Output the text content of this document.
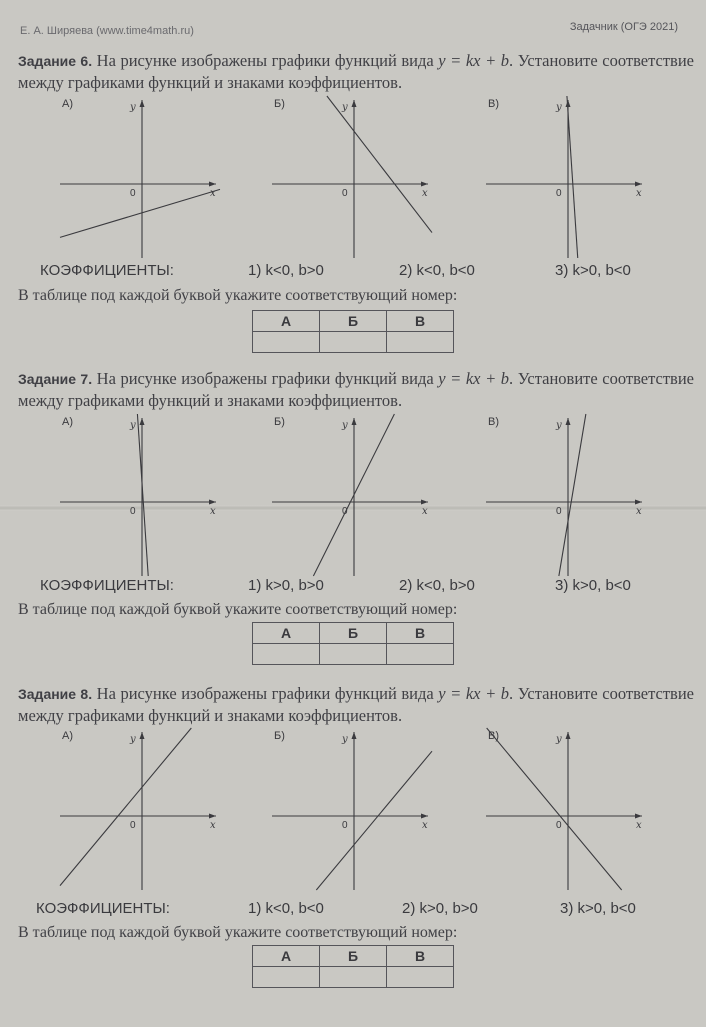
Е. А. Ширяева (www.time4math.ru)	Задачник (ОГЭ 2021)
Задание 6. На рисунке изображены графики функций вида y = kx + b. Установите соответствие между графиками функций и знаками коэффициентов.
y
x
0
А)	y
x
0
Б)	y
x
0
В)
КОЭФФИЦИЕНТЫ:	1) k<0, b>0	2) k<0, b<0	3) k>0, b<0
В таблице под каждой буквой укажите соответствующий номер:
А	Б	В

Задание 7. На рисунке изображены графики функций вида y = kx + b. Установите соответствие между графиками функций и знаками коэффициентов.
y
x
0
А)	y
x
0
Б)	y
x
0
В)
КОЭФФИЦИЕНТЫ:	1) k>0, b>0	2) k<0, b>0	3) k>0, b<0
В таблице под каждой буквой укажите соответствующий номер:
А	Б	В

Задание 8. На рисунке изображены графики функций вида y = kx + b. Установите соответствие между графиками функций и знаками коэффициентов.
y
x
0
А)	y
x
0
Б)	y
x
0
В)
КОЭФФИЦИЕНТЫ:	1) k<0, b<0	2) k>0, b>0	3) k>0, b<0
В таблице под каждой буквой укажите соответствующий номер:
А	Б	В
